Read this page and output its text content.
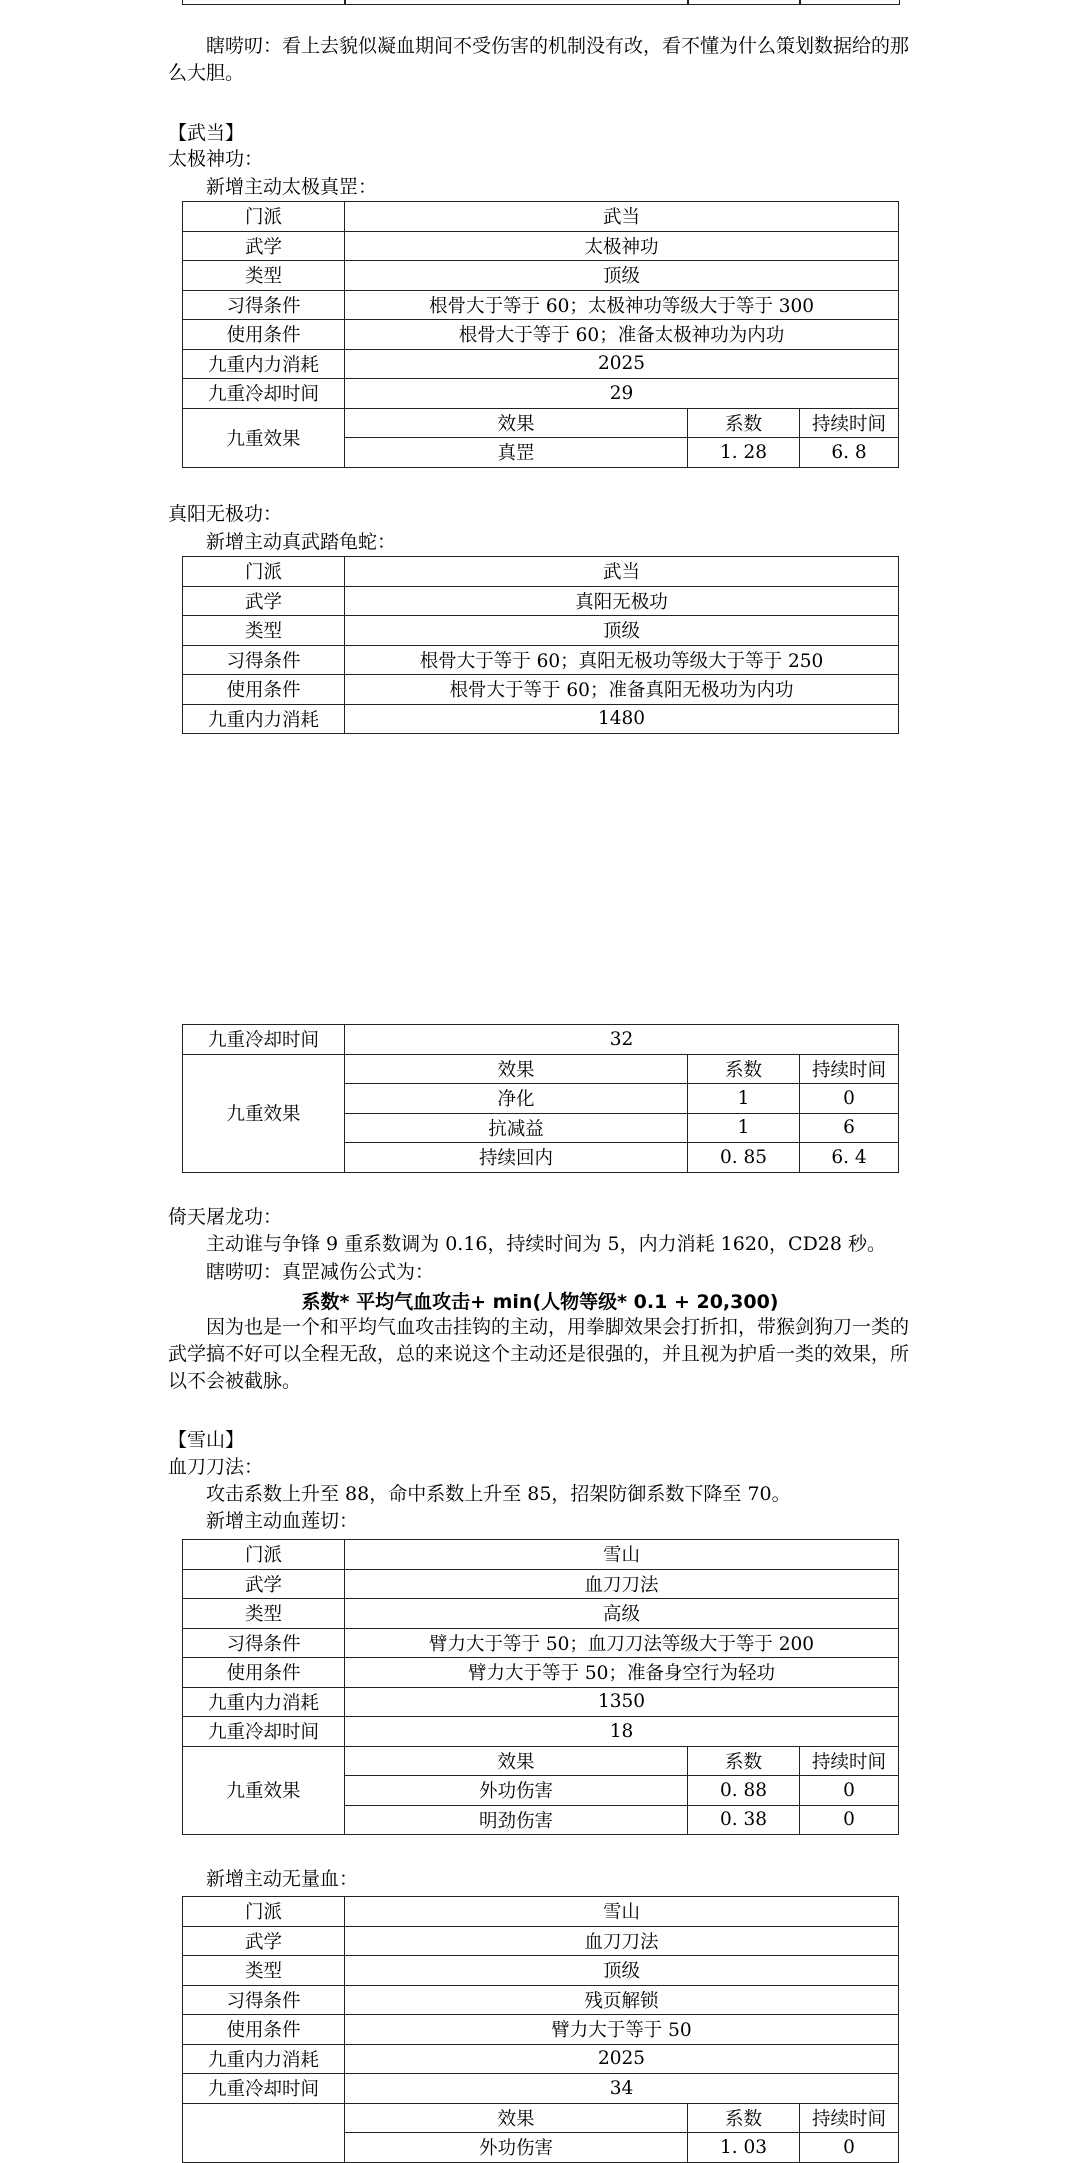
瞎唠叨：看上去貌似凝血期间不受伤害的机制没有改，看不懂为什么策划数据给的那么大胆。
【武当】
太极神功：
新增主动太极真罡：
门派	武当		
武学	太极神功		
类型	顶级		
习得条件	根骨大于等于 60；太极神功等级大于等于 300		
使用条件	根骨大于等于 60；准备太极神功为内功		
九重内力消耗	2025		
九重冷却时间	29		
九重效果	效果	系数	持续时间
	真罡	1. 28	6. 8
真阳无极功：
新增主动真武踏龟蛇：
门派	武当
武学	真阳无极功
类型	顶级
习得条件	根骨大于等于 60；真阳无极功等级大于等于 250
使用条件	根骨大于等于 60；准备真阳无极功为内功
九重内力消耗	1480
九重冷却时间	32		
九重效果	效果	系数	持续时间
	净化	1	0
	抗减益	1	6
	持续回内	0. 85	6. 4
倚天屠龙功：
主动谁与争锋 9 重系数调为 0.16，持续时间为 5，内力消耗 1620，CD28 秒。
瞎唠叨：真罡减伤公式为：
系数* 平均气血攻击+ min(人物等级* 0.1 + 20,300)
因为也是一个和平均气血攻击挂钩的主动，用拳脚效果会打折扣，带猴剑狗刀一类的武学搞不好可以全程无敌，总的来说这个主动还是很强的，并且视为护盾一类的效果，所以不会被截脉。
【雪山】
血刀刀法：
攻击系数上升至 88，命中系数上升至 85，招架防御系数下降至 70。
新增主动血莲切：
门派	雪山		
武学	血刀刀法		
类型	高级		
习得条件	臂力大于等于 50；血刀刀法等级大于等于 200		
使用条件	臂力大于等于 50；准备身空行为轻功		
九重内力消耗	1350		
九重冷却时间	18		
九重效果	效果	系数	持续时间
	外功伤害	0. 88	0
	明劲伤害	0. 38	0
新增主动无量血：
门派	雪山		
武学	血刀刀法		
类型	顶级		
习得条件	残页解锁		
使用条件	臂力大于等于 50		
九重内力消耗	2025		
九重冷却时间	34		
	效果	系数	持续时间
	外功伤害	1. 03	0
